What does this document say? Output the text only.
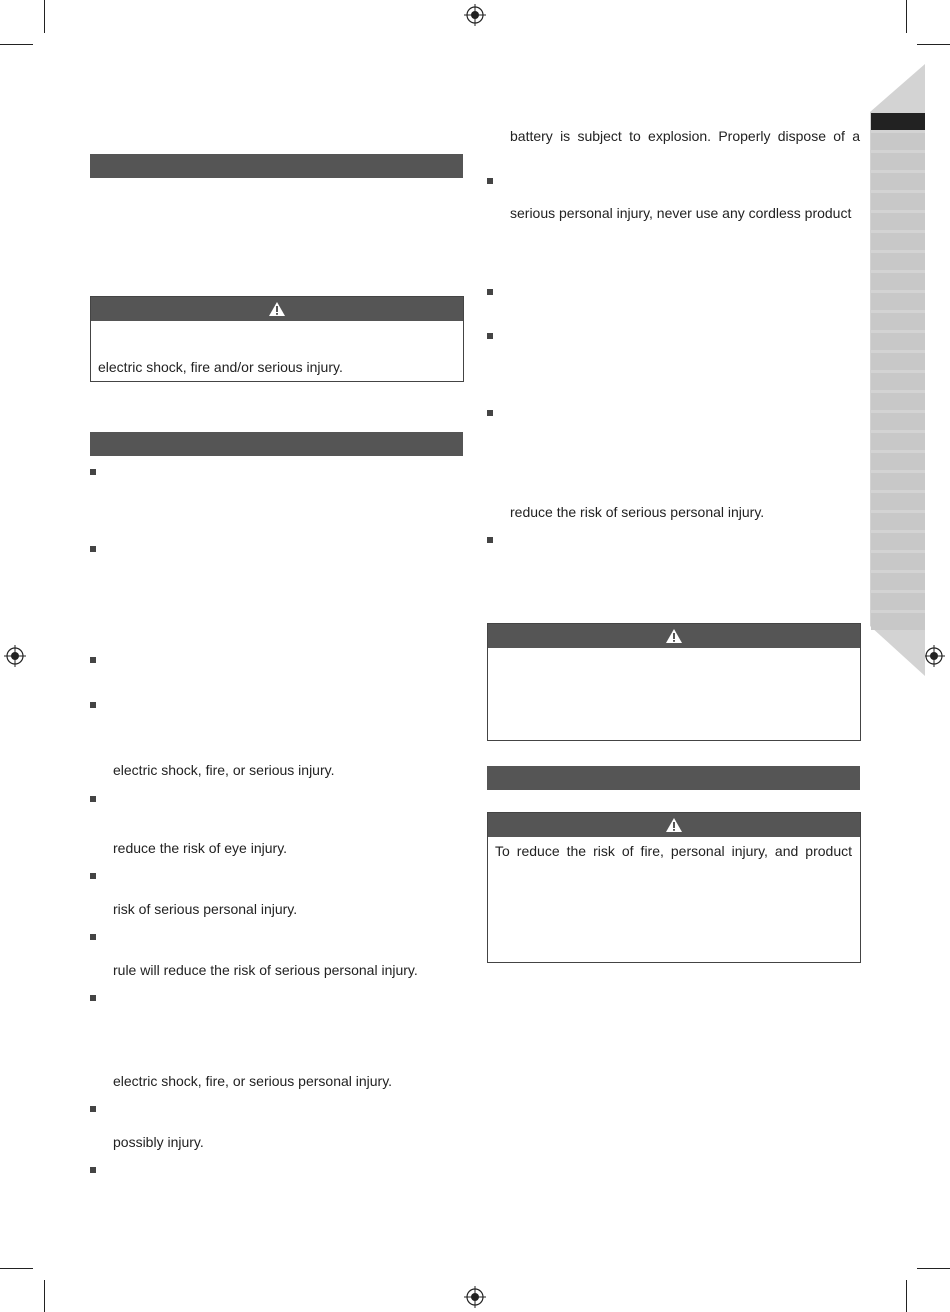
electric shock, fire and/or serious injury.
electric shock, fire, or serious injury.
reduce the risk of eye injury.
risk of serious personal injury.
rule will reduce the risk of serious personal injury.
electric shock, fire, or serious personal injury.
possibly injury.
battery is subject to explosion. Properly dispose of a
serious personal injury, never use any cordless product
reduce the risk of serious personal injury.
To reduce the risk of fire, personal injury, and product
